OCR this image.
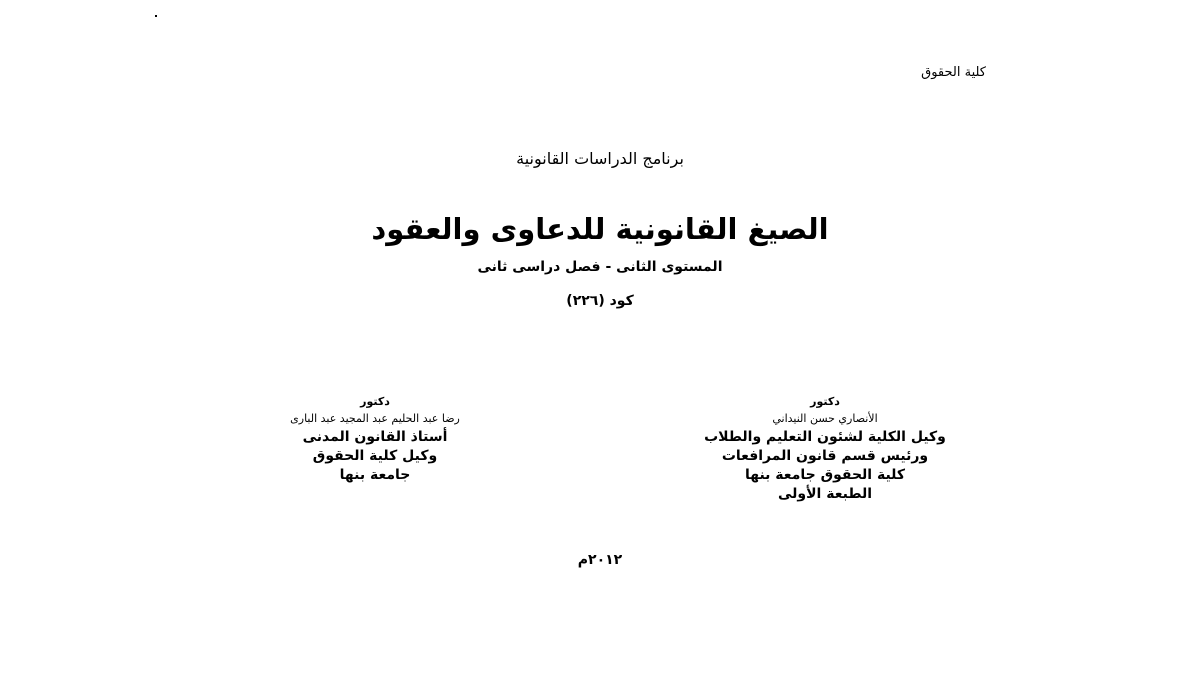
كلية الحقوق
برنامج الدراسات القانونية
الصيغ القانونية للدعاوى والعقود
المستوى الثانى - فصل دراسى ثانى
كود (٢٢٦)
دكتور
الأنصاري حسن النيداني
وكيل الكلية لشئون التعليم والطلاب
ورئيس قسم قانون المرافعات
كلية الحقوق جامعة بنها
الطبعة الأولى
دكتور
رضا عبد الحليم عبد المجيد عبد البارى
أستاذ القانون المدنى
وكيل كلية الحقوق
جامعة بنها
٢٠١٢م
